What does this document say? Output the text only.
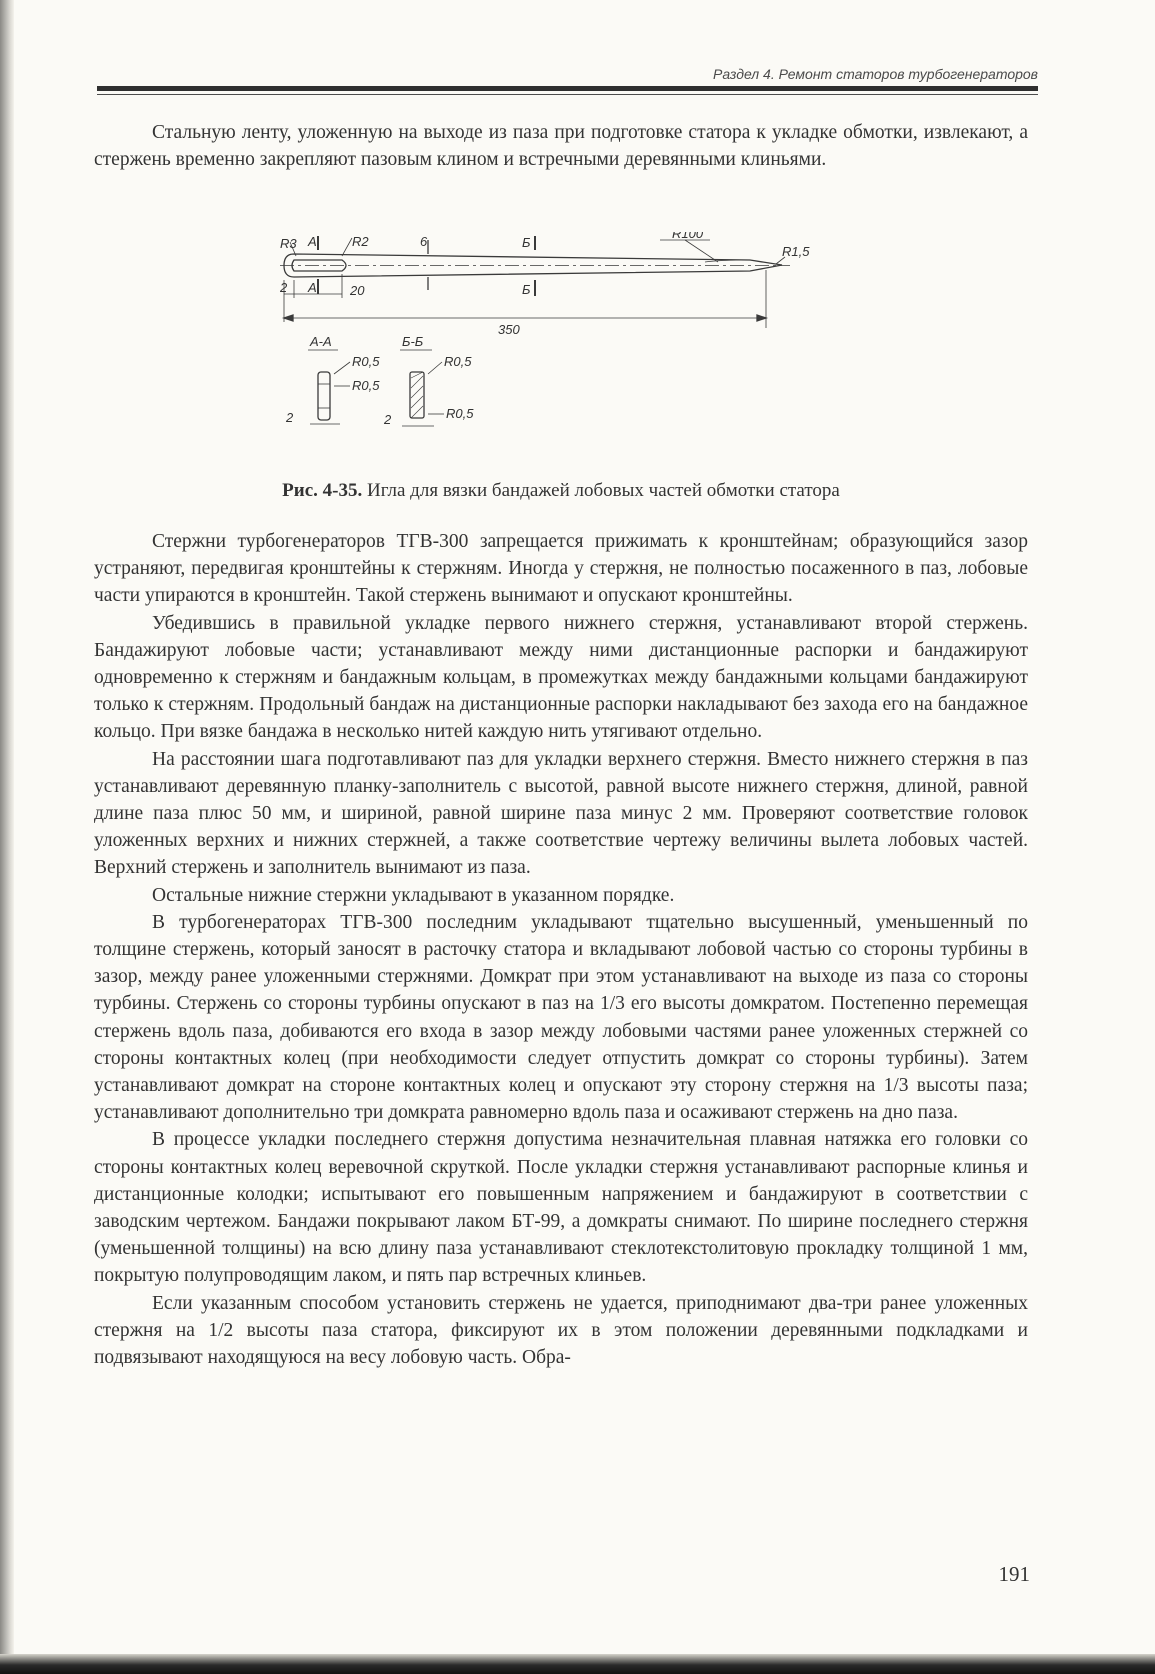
Раздел 4. Ремонт статоров турбогенераторов

Стальную ленту, уложенную на выходе из паза при подготовке статора к укладке обмотки, извлекают, а стержень временно закрепляют пазовым клином и встречными деревянными клиньями.

R3 А	R2	6	Б
R100
R1,5
2 А	20	Б
350
А-А	Б-Б
R0,5
R0,5
R0,5
R0,5
2	2
Рис. 4-35. Игла для вязки бандажей лобовых частей обмотки статора

Стержни турбогенераторов ТГВ-300 запрещается прижимать к кронштейнам; образующийся зазор устраняют, передвигая кронштейны к стержням. Иногда у стержня, не полностью посаженного в паз, лобовые части упираются в кронштейн. Такой стержень вынимают и опускают кронштейны.

Убедившись в правильной укладке первого нижнего стержня, устанавливают второй стержень. Бандажируют лобовые части; устанавливают между ними дистанционные распорки и бандажируют одновременно к стержням и бандажным кольцам, в промежутках между бандажными кольцами бандажируют только к стержням. Продольный бандаж на дистанционные распорки накладывают без захода его на бандажное кольцо. При вязке бандажа в несколько нитей каждую нить утягивают отдельно.

На расстоянии шага подготавливают паз для укладки верхнего стержня. Вместо нижнего стержня в паз устанавливают деревянную планку-заполнитель с высотой, равной высоте нижнего стержня, длиной, равной длине паза плюс 50 мм, и шириной, равной ширине паза минус 2 мм. Проверяют соответствие головок уложенных верхних и нижних стержней, а также соответствие чертежу величины вылета лобовых частей. Верхний стержень и заполнитель вынимают из паза.

Остальные нижние стержни укладывают в указанном порядке.

В турбогенераторах ТГВ-300 последним укладывают тщательно высушенный, уменьшенный по толщине стержень, который заносят в расточку статора и вкладывают лобовой частью со стороны турбины в зазор, между ранее уложенными стержнями. Домкрат при этом устанавливают на выходе из паза со стороны турбины. Стержень со стороны турбины опускают в паз на 1/3 его высоты домкратом. Постепенно перемещая стержень вдоль паза, добиваются его входа в зазор между лобовыми частями ранее уложенных стержней со стороны контактных колец (при необходимости следует отпустить домкрат со стороны турбины). Затем устанавливают домкрат на стороне контактных колец и опускают эту сторону стержня на 1/3 высоты паза; устанавливают дополнительно три домкрата равномерно вдоль паза и осаживают стержень на дно паза.

В процессе укладки последнего стержня допустима незначительная плавная натяжка его головки со стороны контактных колец веревочной скруткой. После укладки стержня устанавливают распорные клинья и дистанционные колодки; испытывают его повышенным напряжением и бандажируют в соответствии с заводским чертежом. Бандажи покрывают лаком БТ-99, а домкраты снимают. По ширине последнего стержня (уменьшенной толщины) на всю длину паза устанавливают стеклотекстолитовую прокладку толщиной 1 мм, покрытую полупроводящим лаком, и пять пар встречных клиньев.

Если указанным способом установить стержень не удается, приподнимают два-три ранее уложенных стержня на 1/2 высоты паза статора, фиксируют их в этом положении деревянными подкладками и подвязывают находящуюся на весу лобовую часть. Обра-

191
